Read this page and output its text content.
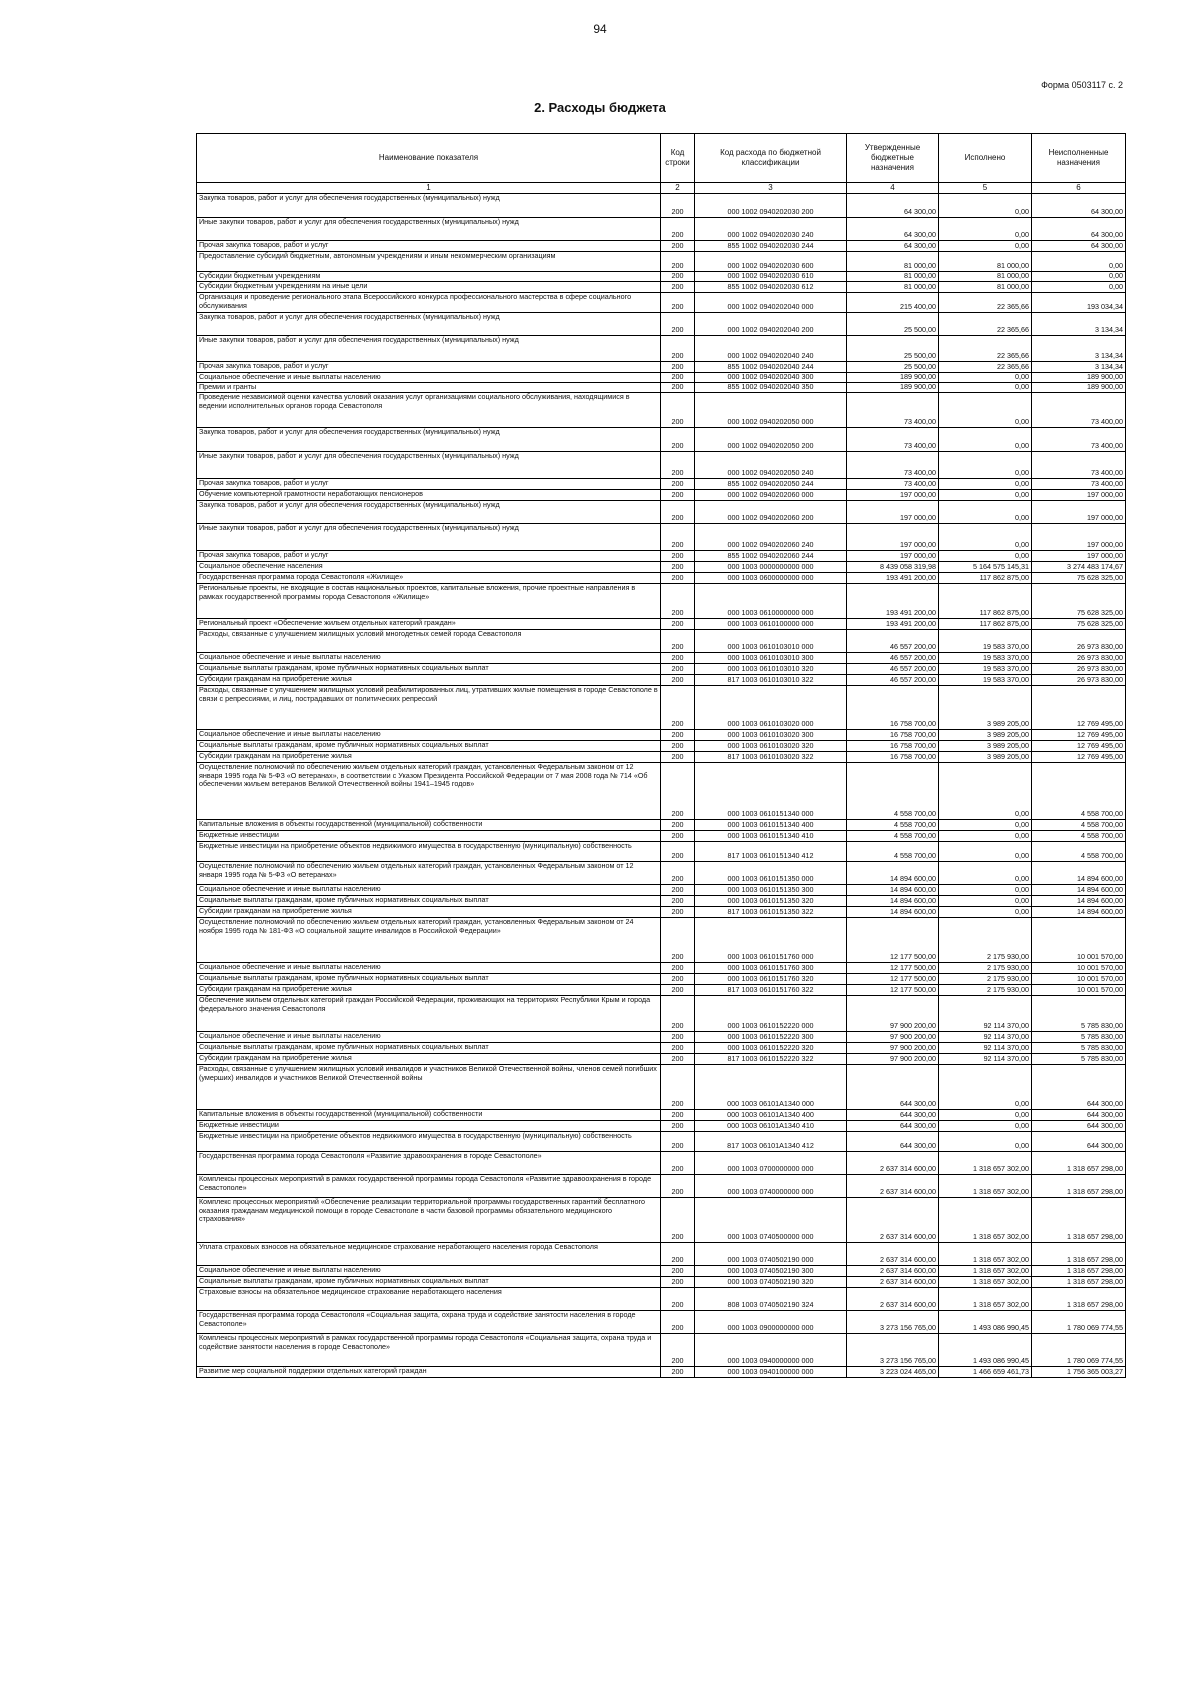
94
Форма 0503117 с. 2
2. Расходы бюджета
Наименование показателя	Код строки	Код расхода по бюджетной классификации	Утвержденные бюджетные назначения	Исполнено	Неисполненные назначения
1	2	3	4	5	6
Закупка товаров, работ и услуг для обеспечения государственных (муниципальных) нужд	200	000 1002 0940202030 200	64 300,00	0,00	64 300,00
Иные закупки товаров, работ и услуг для обеспечения государственных (муниципальных) нужд	200	000 1002 0940202030 240	64 300,00	0,00	64 300,00
Прочая закупка товаров, работ и услуг	200	855 1002 0940202030 244	64 300,00	0,00	64 300,00
Предоставление субсидий бюджетным, автономным учреждениям и иным некоммерческим организациям	200	000 1002 0940202030 600	81 000,00	81 000,00	0,00
Субсидии бюджетным учреждениям	200	000 1002 0940202030 610	81 000,00	81 000,00	0,00
Субсидии бюджетным учреждениям на иные цели	200	855 1002 0940202030 612	81 000,00	81 000,00	0,00
Организация и проведение регионального этапа Всероссийского конкурса профессионального мастерства в сфере социального обслуживания	200	000 1002 0940202040 000	215 400,00	22 365,66	193 034,34
Закупка товаров, работ и услуг для обеспечения государственных (муниципальных) нужд	200	000 1002 0940202040 200	25 500,00	22 365,66	3 134,34
Иные закупки товаров, работ и услуг для обеспечения государственных (муниципальных) нужд	200	000 1002 0940202040 240	25 500,00	22 365,66	3 134,34
Прочая закупка товаров, работ и услуг	200	855 1002 0940202040 244	25 500,00	22 365,66	3 134,34
Социальное обеспечение и иные выплаты населению	200	000 1002 0940202040 300	189 900,00	0,00	189 900,00
Премии и гранты	200	855 1002 0940202040 350	189 900,00	0,00	189 900,00
Проведение независимой оценки качества условий оказания услуг организациями социального обслуживания, находящимися в ведении исполнительных органов города Севастополя	200	000 1002 0940202050 000	73 400,00	0,00	73 400,00
Закупка товаров, работ и услуг для обеспечения государственных (муниципальных) нужд	200	000 1002 0940202050 200	73 400,00	0,00	73 400,00
Иные закупки товаров, работ и услуг для обеспечения государственных (муниципальных) нужд	200	000 1002 0940202050 240	73 400,00	0,00	73 400,00
Прочая закупка товаров, работ и услуг	200	855 1002 0940202050 244	73 400,00	0,00	73 400,00
Обучение компьютерной грамотности неработающих пенсионеров	200	000 1002 0940202060 000	197 000,00	0,00	197 000,00
Закупка товаров, работ и услуг для обеспечения государственных (муниципальных) нужд	200	000 1002 0940202060 200	197 000,00	0,00	197 000,00
Иные закупки товаров, работ и услуг для обеспечения государственных (муниципальных) нужд	200	000 1002 0940202060 240	197 000,00	0,00	197 000,00
Прочая закупка товаров, работ и услуг	200	855 1002 0940202060 244	197 000,00	0,00	197 000,00
Социальное обеспечение населения	200	000 1003 0000000000 000	8 439 058 319,98	5 164 575 145,31	3 274 483 174,67
Государственная программа города Севастополя «Жилище»	200	000 1003 0600000000 000	193 491 200,00	117 862 875,00	75 628 325,00
Региональные проекты, не входящие в состав национальных проектов, капитальные вложения, прочие проектные направления в рамках государственной программы города Севастополя «Жилище»	200	000 1003 0610000000 000	193 491 200,00	117 862 875,00	75 628 325,00
Региональный проект «Обеспечение жильем отдельных категорий граждан»	200	000 1003 0610100000 000	193 491 200,00	117 862 875,00	75 628 325,00
Расходы, связанные с улучшением жилищных условий многодетных семей города Севастополя	200	000 1003 0610103010 000	46 557 200,00	19 583 370,00	26 973 830,00
Социальное обеспечение и иные выплаты населению	200	000 1003 0610103010 300	46 557 200,00	19 583 370,00	26 973 830,00
Социальные выплаты гражданам, кроме публичных нормативных социальных выплат	200	000 1003 0610103010 320	46 557 200,00	19 583 370,00	26 973 830,00
Субсидии гражданам на приобретение жилья	200	817 1003 0610103010 322	46 557 200,00	19 583 370,00	26 973 830,00
Расходы, связанные с улучшением жилищных условий реабилитированных лиц, утративших жилые помещения в городе Севастополе в связи с репрессиями, и лиц, пострадавших от политических репрессий	200	000 1003 0610103020 000	16 758 700,00	3 989 205,00	12 769 495,00
Социальное обеспечение и иные выплаты населению	200	000 1003 0610103020 300	16 758 700,00	3 989 205,00	12 769 495,00
Социальные выплаты гражданам, кроме публичных нормативных социальных выплат	200	000 1003 0610103020 320	16 758 700,00	3 989 205,00	12 769 495,00
Субсидии гражданам на приобретение жилья	200	817 1003 0610103020 322	16 758 700,00	3 989 205,00	12 769 495,00
Осуществление полномочий по обеспечению жильем отдельных категорий граждан, установленных Федеральным законом от 12 января 1995 года № 5-ФЗ «О ветеранах», в соответствии с Указом Президента Российской Федерации от 7 мая 2008 года № 714 «Об обеспечении жильем ветеранов Великой Отечественной войны 1941–1945 годов»	200	000 1003 0610151340 000	4 558 700,00	0,00	4 558 700,00
Капитальные вложения в объекты государственной (муниципальной) собственности	200	000 1003 0610151340 400	4 558 700,00	0,00	4 558 700,00
Бюджетные инвестиции	200	000 1003 0610151340 410	4 558 700,00	0,00	4 558 700,00
Бюджетные инвестиции на приобретение объектов недвижимого имущества в государственную (муниципальную) собственность	200	817 1003 0610151340 412	4 558 700,00	0,00	4 558 700,00
Осуществление полномочий по обеспечению жильем отдельных категорий граждан, установленных Федеральным законом от 12 января 1995 года № 5-ФЗ «О ветеранах»	200	000 1003 0610151350 000	14 894 600,00	0,00	14 894 600,00
Социальное обеспечение и иные выплаты населению	200	000 1003 0610151350 300	14 894 600,00	0,00	14 894 600,00
Социальные выплаты гражданам, кроме публичных нормативных социальных выплат	200	000 1003 0610151350 320	14 894 600,00	0,00	14 894 600,00
Субсидии гражданам на приобретение жилья	200	817 1003 0610151350 322	14 894 600,00	0,00	14 894 600,00
Осуществление полномочий по обеспечению жильем отдельных категорий граждан, установленных Федеральным законом от 24 ноября 1995 года № 181-ФЗ «О социальной защите инвалидов в Российской Федерации»	200	000 1003 0610151760 000	12 177 500,00	2 175 930,00	10 001 570,00
Социальное обеспечение и иные выплаты населению	200	000 1003 0610151760 300	12 177 500,00	2 175 930,00	10 001 570,00
Социальные выплаты гражданам, кроме публичных нормативных социальных выплат	200	000 1003 0610151760 320	12 177 500,00	2 175 930,00	10 001 570,00
Субсидии гражданам на приобретение жилья	200	817 1003 0610151760 322	12 177 500,00	2 175 930,00	10 001 570,00
Обеспечение жильем отдельных категорий граждан Российской Федерации, проживающих на территориях Республики Крым и города федерального значения Севастополя	200	000 1003 0610152220 000	97 900 200,00	92 114 370,00	5 785 830,00
Социальное обеспечение и иные выплаты населению	200	000 1003 0610152220 300	97 900 200,00	92 114 370,00	5 785 830,00
Социальные выплаты гражданам, кроме публичных нормативных социальных выплат	200	000 1003 0610152220 320	97 900 200,00	92 114 370,00	5 785 830,00
Субсидии гражданам на приобретение жилья	200	817 1003 0610152220 322	97 900 200,00	92 114 370,00	5 785 830,00
Расходы, связанные с улучшением жилищных условий инвалидов и участников Великой Отечественной войны, членов семей погибших (умерших) инвалидов и участников Великой Отечественной войны	200	000 1003 06101A1340 000	644 300,00	0,00	644 300,00
Капитальные вложения в объекты государственной (муниципальной) собственности	200	000 1003 06101A1340 400	644 300,00	0,00	644 300,00
Бюджетные инвестиции	200	000 1003 06101A1340 410	644 300,00	0,00	644 300,00
Бюджетные инвестиции на приобретение объектов недвижимого имущества в государственную (муниципальную) собственность	200	817 1003 06101A1340 412	644 300,00	0,00	644 300,00
Государственная программа города Севастополя «Развитие здравоохранения в городе Севастополе»	200	000 1003 0700000000 000	2 637 314 600,00	1 318 657 302,00	1 318 657 298,00
Комплексы процессных мероприятий в рамках государственной программы города Севастополя «Развитие здравоохранения в городе Севастополе»	200	000 1003 0740000000 000	2 637 314 600,00	1 318 657 302,00	1 318 657 298,00
Комплекс процессных мероприятий «Обеспечение реализации территориальной программы государственных гарантий бесплатного оказания гражданам медицинской помощи в городе Севастополе в части базовой программы обязательного медицинского страхования»	200	000 1003 0740500000 000	2 637 314 600,00	1 318 657 302,00	1 318 657 298,00
Уплата страховых взносов на обязательное медицинское страхование неработающего населения города Севастополя	200	000 1003 0740502190 000	2 637 314 600,00	1 318 657 302,00	1 318 657 298,00
Социальное обеспечение и иные выплаты населению	200	000 1003 0740502190 300	2 637 314 600,00	1 318 657 302,00	1 318 657 298,00
Социальные выплаты гражданам, кроме публичных нормативных социальных выплат	200	000 1003 0740502190 320	2 637 314 600,00	1 318 657 302,00	1 318 657 298,00
Страховые взносы на обязательное медицинское страхование неработающего населения	200	808 1003 0740502190 324	2 637 314 600,00	1 318 657 302,00	1 318 657 298,00
Государственная программа города Севастополя «Социальная защита, охрана труда и содействие занятости населения в городе Севастополе»	200	000 1003 0900000000 000	3 273 156 765,00	1 493 086 990,45	1 780 069 774,55
Комплексы процессных мероприятий в рамках государственной программы города Севастополя «Социальная защита, охрана труда и содействие занятости населения в городе Севастополе»	200	000 1003 0940000000 000	3 273 156 765,00	1 493 086 990,45	1 780 069 774,55
Развитие мер социальной поддержки отдельных категорий граждан	200	000 1003 0940100000 000	3 223 024 465,00	1 466 659 461,73	1 756 365 003,27
